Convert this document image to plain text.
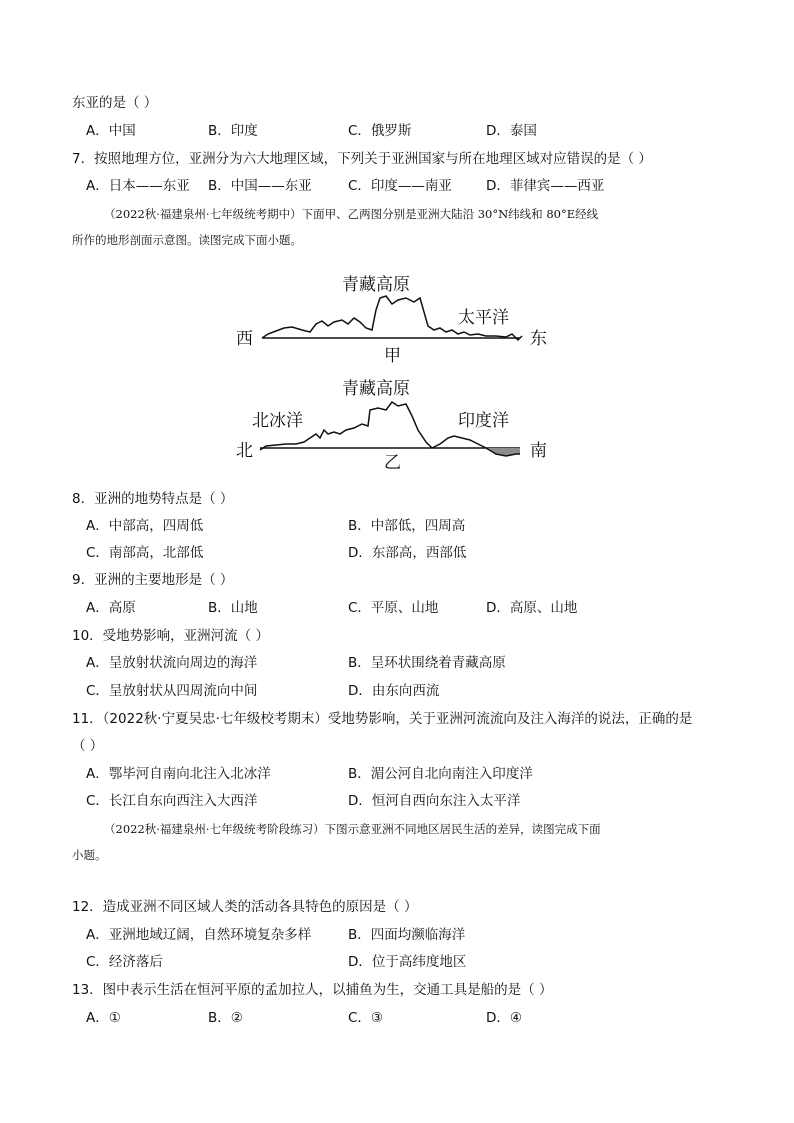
东亚的是（ ）
A．中国	B．印度	C．俄罗斯	D．泰国
7．按照地理方位，亚洲分为六大地理区域，下列关于亚洲国家与所在地理区域对应错误的是（ ）
A．日本——东亚 B．中国——东亚	C．印度——南亚	D．菲律宾——西亚
（2022秋·福建泉州·七年级统考期中）下面甲、乙两图分别是亚洲大陆沿 30°N纬线和 80°E经线
所作的地形剖面示意图。读图完成下面小题。
青藏高原
西	东
太平洋
甲
青藏高原
北	南
北冰洋	印度洋
乙
8．亚洲的地势特点是（ ）
A．中部高，四周低	B．中部低，四周高
C．南部高，北部低	D．东部高，西部低
9．亚洲的主要地形是（ ）
A．高原	B．山地	C．平原、山地	D．高原、山地
10．受地势影响，亚洲河流（ ）
A．呈放射状流向周边的海洋	B．呈环状围绕着青藏高原
C．呈放射状从四周流向中间	D．由东向西流
11．（2022秋·宁夏吴忠·七年级校考期末）受地势影响，关于亚洲河流流向及注入海洋的说法，正确的是
（ ）
A．鄂毕河自南向北注入北冰洋	B．湄公河自北向南注入印度洋
C．长江自东向西注入大西洋	D．恒河自西向东注入太平洋
（2022秋·福建泉州·七年级统考阶段练习）下图示意亚洲不同地区居民生活的差异，读图完成下面
小题。
12．造成亚洲不同区域人类的活动各具特色的原因是（ ）
A．亚洲地域辽阔，自然环境复杂多样	B．四面均濒临海洋
C．经济落后	D．位于高纬度地区
13．图中表示生活在恒河平原的孟加拉人，以捕鱼为生，交通工具是船的是（ ）
A．①	B．②	C．③	D．④
